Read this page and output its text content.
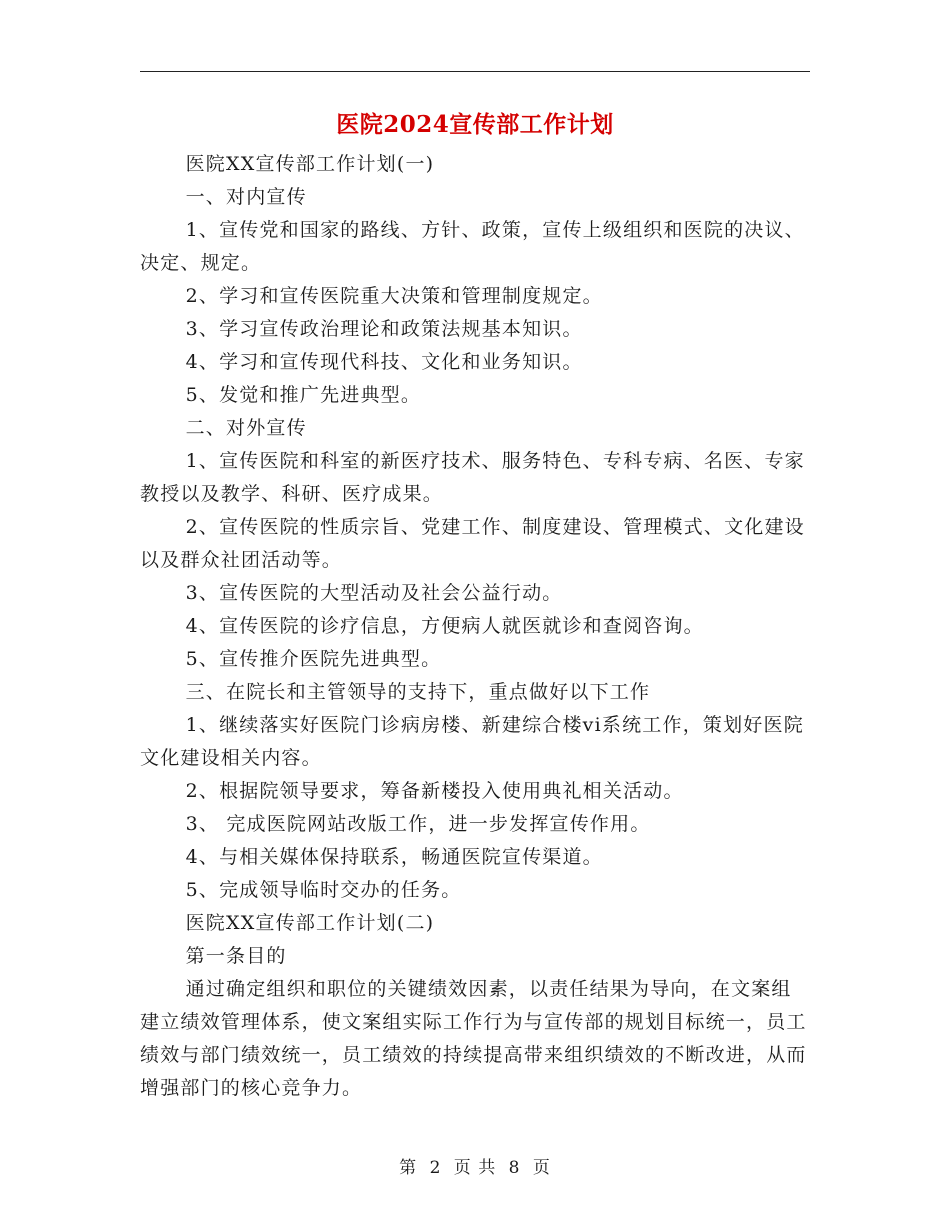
医院2024宣传部工作计划

医院XX宣传部工作计划(一)

一、对内宣传

1、宣传党和国家的路线、方针、政策，宣传上级组织和医院的决议、决定、规定。

2、学习和宣传医院重大决策和管理制度规定。

3、学习宣传政治理论和政策法规基本知识。

4、学习和宣传现代科技、文化和业务知识。

5、发觉和推广先进典型。

二、对外宣传

1、宣传医院和科室的新医疗技术、服务特色、专科专病、名医、专家教授以及教学、科研、医疗成果。

2、宣传医院的性质宗旨、党建工作、制度建设、管理模式、文化建设以及群众社团活动等。

3、宣传医院的大型活动及社会公益行动。

4、宣传医院的诊疗信息，方便病人就医就诊和查阅咨询。

5、宣传推介医院先进典型。

三、在院长和主管领导的支持下，重点做好以下工作

1、继续落实好医院门诊病房楼、新建综合楼vi系统工作，策划好医院文化建设相关内容。

2、根据院领导要求，筹备新楼投入使用典礼相关活动。

3、 完成医院网站改版工作，进一步发挥宣传作用。

4、与相关媒体保持联系，畅通医院宣传渠道。

5、完成领导临时交办的任务。

医院XX宣传部工作计划(二)

第一条目的

通过确定组织和职位的关键绩效因素，以责任结果为导向，在文案组建立绩效管理体系，使文案组实际工作行为与宣传部的规划目标统一，员工绩效与部门绩效统一，员工绩效的持续提高带来组织绩效的不断改进，从而增强部门的核心竞争力。

第 2 页 共 8 页
